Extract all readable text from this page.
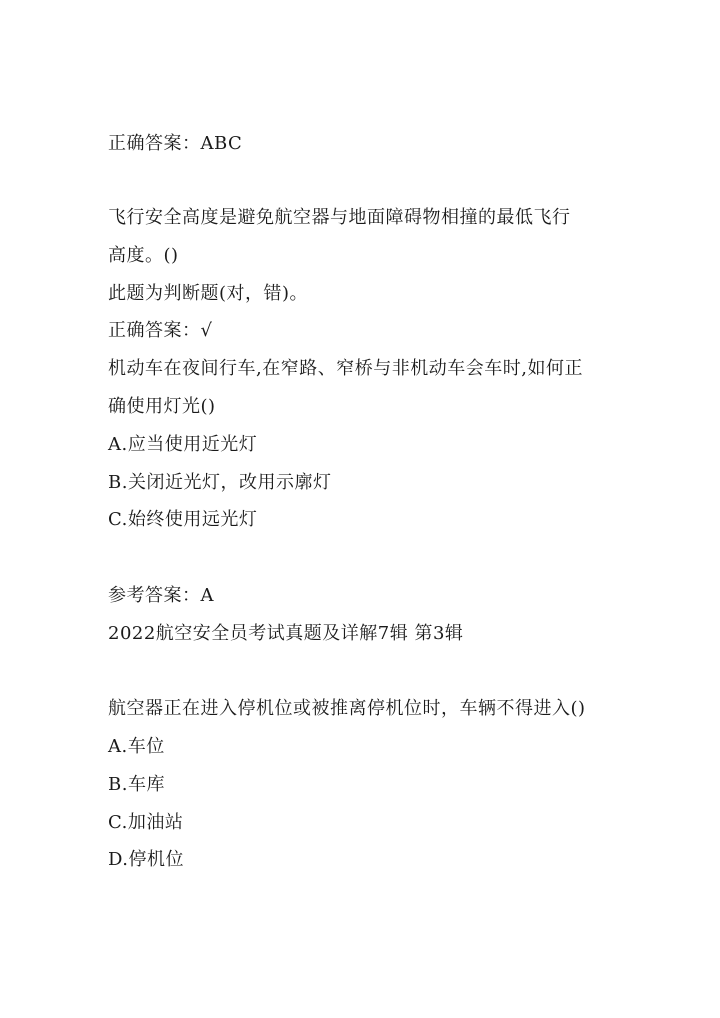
正确答案：ABC
飞行安全高度是避免航空器与地面障碍物相撞的最低飞行
高度。()
此题为判断题(对，错)。
正确答案：√
机动车在夜间行车,在窄路、窄桥与非机动车会车时,如何正
确使用灯光()
A.应当使用近光灯
B.关闭近光灯，改用示廓灯
C.始终使用远光灯
参考答案：A
2022航空安全员考试真题及详解7辑 第3辑
航空器正在进入停机位或被推离停机位时，车辆不得进入()
A.车位
B.车库
C.加油站
D.停机位
